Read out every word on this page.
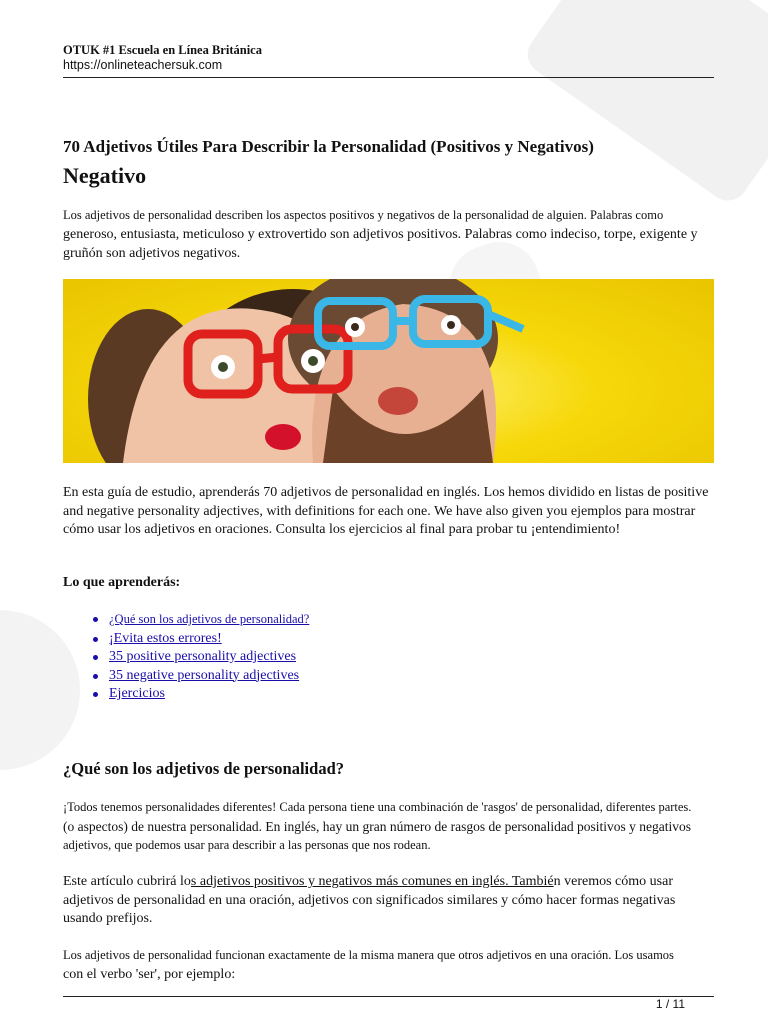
OTUK #1 Escuela en Línea Británica
https://onlineteachersuk.com
70 Adjetivos Útiles Para Describir la Personalidad (Positivos y Negativos)
Negativo
Los adjetivos de personalidad describen los aspectos positivos y negativos de la personalidad de alguien. Palabras como generoso, entusiasta, meticuloso y extrovertido son adjetivos positivos. Palabras como indeciso, torpe, exigente y gruñón son adjetivos negativos.
En esta guía de estudio, aprenderás 70 adjetivos de personalidad en inglés. Los hemos dividido en listas de positive and negative personality adjectives, with definitions for each one. We have also given you ejemplos para mostrar cómo usar los adjetivos en oraciones. Consulta los ejercicios al final para probar tu ¡entendimiento!
Lo que aprenderás:
¿Qué son los adjetivos de personalidad?
¡Evita estos errores!
35 positive personality adjectives
35 negative personality adjectives
Ejercicios
¿Qué son los adjetivos de personalidad?
¡Todos tenemos personalidades diferentes! Cada persona tiene una combinación de 'rasgos' de personalidad, diferentes partes.
(o aspectos) de nuestra personalidad. En inglés, hay un gran número de rasgos de personalidad positivos y negativos
adjetivos, que podemos usar para describir a las personas que nos rodean.
Este artículo cubrirá los adjetivos positivos y negativos más comunes en inglés. También veremos cómo usar adjetivos de personalidad en una oración, adjetivos con significados similares y cómo hacer formas negativas usando prefijos.
Los adjetivos de personalidad funcionan exactamente de la misma manera que otros adjetivos en una oración. Los usamos
con el verbo 'ser', por ejemplo:
1 / 11
